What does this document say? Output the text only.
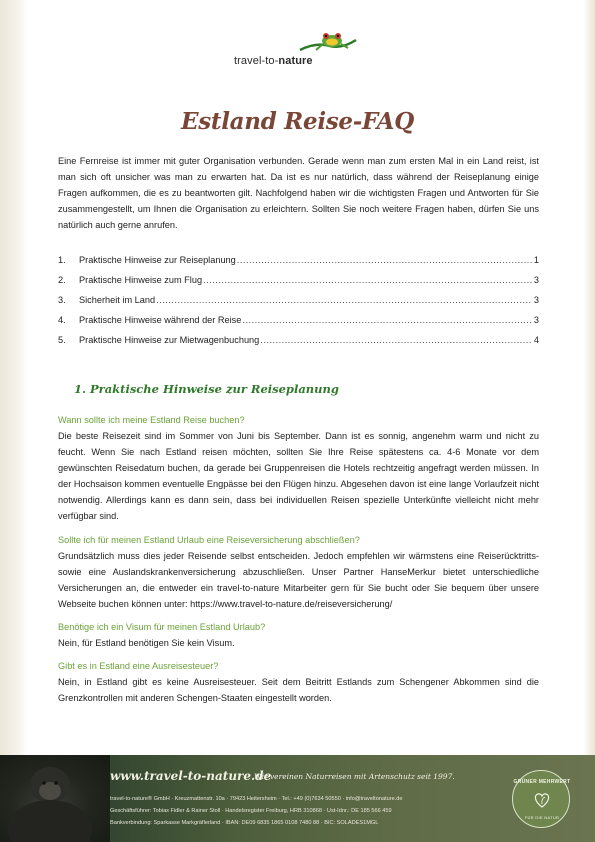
travel-to-nature
Estland Reise-FAQ

Eine Fernreise ist immer mit guter Organisation verbunden. Gerade wenn man zum ersten Mal in ein Land reist, ist man sich oft unsicher was man zu erwarten hat. Da ist es nur natürlich, dass während der Reiseplanung einige Fragen aufkommen, die es zu beantworten gilt. Nachfolgend haben wir die wichtigsten Fragen und Antworten für Sie zusammengestellt, um Ihnen die Organisation zu erleichtern. Sollten Sie noch weitere Fragen haben, dürfen Sie uns natürlich auch gerne anrufen.

1.	Praktische Hinweise zur Reiseplanung .....	1
2.	Praktische Hinweise zum Flug .....	3
3.	Sicherheit im Land .....	3
4.	Praktische Hinweise während der Reise .....	3
5.	Praktische Hinweise zur Mietwagenbuchung .....	4
1. Praktische Hinweise zur Reiseplanung
Wann sollte ich meine Estland Reise buchen?

Die beste Reisezeit sind im Sommer von Juni bis September. Dann ist es sonnig, angenehm warm und nicht zu feucht. Wenn Sie nach Estland reisen möchten, sollten Sie Ihre Reise spätestens ca. 4-6 Monate vor dem gewünschten Reisedatum buchen, da gerade bei Gruppenreisen die Hotels rechtzeitig angefragt werden müssen. In der Hochsaison kommen eventuelle Engpässe bei den Flügen hinzu. Abgesehen davon ist eine lange Vorlaufzeit nicht notwendig. Allerdings kann es dann sein, dass bei individuellen Reisen spezielle Unterkünfte vielleicht nicht mehr verfügbar sind.

Sollte ich für meinen Estland Urlaub eine Reiseversicherung abschließen?

Grundsätzlich muss dies jeder Reisende selbst entscheiden. Jedoch empfehlen wir wärmstens eine Reiserücktritts- sowie eine Auslandskrankenversicherung abzuschließen. Unser Partner HanseMerkur bietet unterschiedliche Versicherungen an, die entweder ein travel-to-nature Mitarbeiter gern für Sie bucht oder Sie bequem über unsere Webseite buchen können unter: https://www.travel-to-nature.de/reiseversicherung/

Benötige ich ein Visum für meinen Estland Urlaub?

Nein, für Estland benötigen Sie kein Visum.

Gibt es in Estland eine Ausreisesteuer?

Nein, in Estland gibt es keine Ausreisesteuer. Seit dem Beitritt Estlands zum Schengener Abkommen sind die Grenzkontrollen mit anderen Schengen-Staaten eingestellt worden.

www.travel-to-nature.de
Wir vereinen Naturreisen mit Artenschutz seit 1997.
travel-to-nature® GmbH · Kreuzmattenstr. 10a · 79423 Heitersheim · Tel.: +49 (0)7634 50550 · info@traveltonature.de
Geschäftsführer: Tobias Fidler & Rainer Stoll · Handelsregister Freiburg, HRB 310868 · Ust-Idnr.: DE 185 566 459
Bankverbindung: Sparkasse Markgräflerland · IBAN: DE09 6835 1865 0108 7480 88 · BIC: SOLADES1MGL
GRÜNER MEHRWERT
FÜR DIE NATUR
